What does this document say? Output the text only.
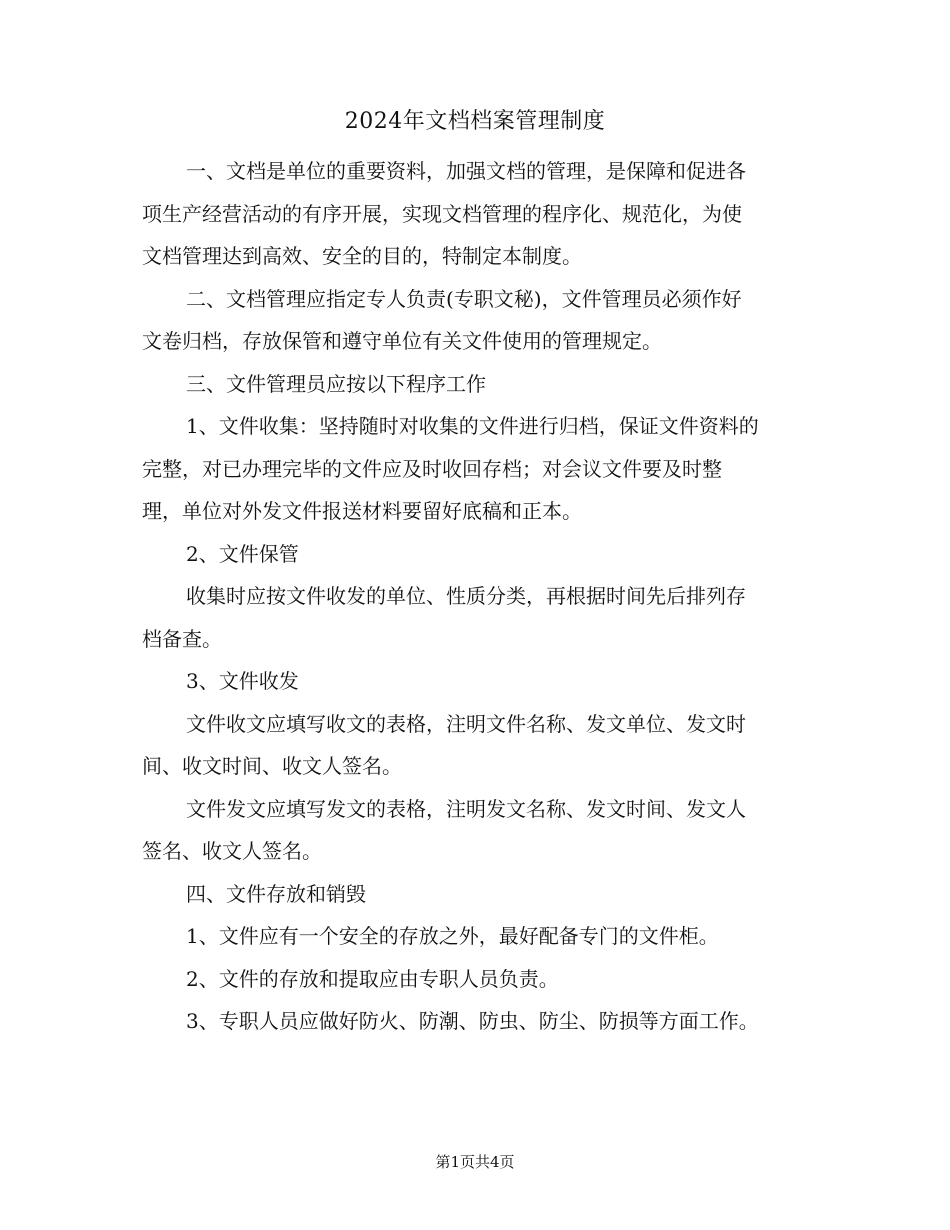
2024年文档档案管理制度
一、文档是单位的重要资料，加强文档的管理，是保障和促进各
项生产经营活动的有序开展，实现文档管理的程序化、规范化，为使
文档管理达到高效、安全的目的，特制定本制度。
二、文档管理应指定专人负责(专职文秘)，文件管理员必须作好
文卷归档，存放保管和遵守单位有关文件使用的管理规定。
三、文件管理员应按以下程序工作
1、文件收集：坚持随时对收集的文件进行归档，保证文件资料的
完整，对已办理完毕的文件应及时收回存档；对会议文件要及时整
理，单位对外发文件报送材料要留好底稿和正本。
2、文件保管
收集时应按文件收发的单位、性质分类，再根据时间先后排列存
档备查。
3、文件收发
文件收文应填写收文的表格，注明文件名称、发文单位、发文时
间、收文时间、收文人签名。
文件发文应填写发文的表格，注明发文名称、发文时间、发文人
签名、收文人签名。
四、文件存放和销毁
1、文件应有一个安全的存放之外，最好配备专门的文件柜。
2、文件的存放和提取应由专职人员负责。
3、专职人员应做好防火、防潮、防虫、防尘、防损等方面工作。
第1页共4页
